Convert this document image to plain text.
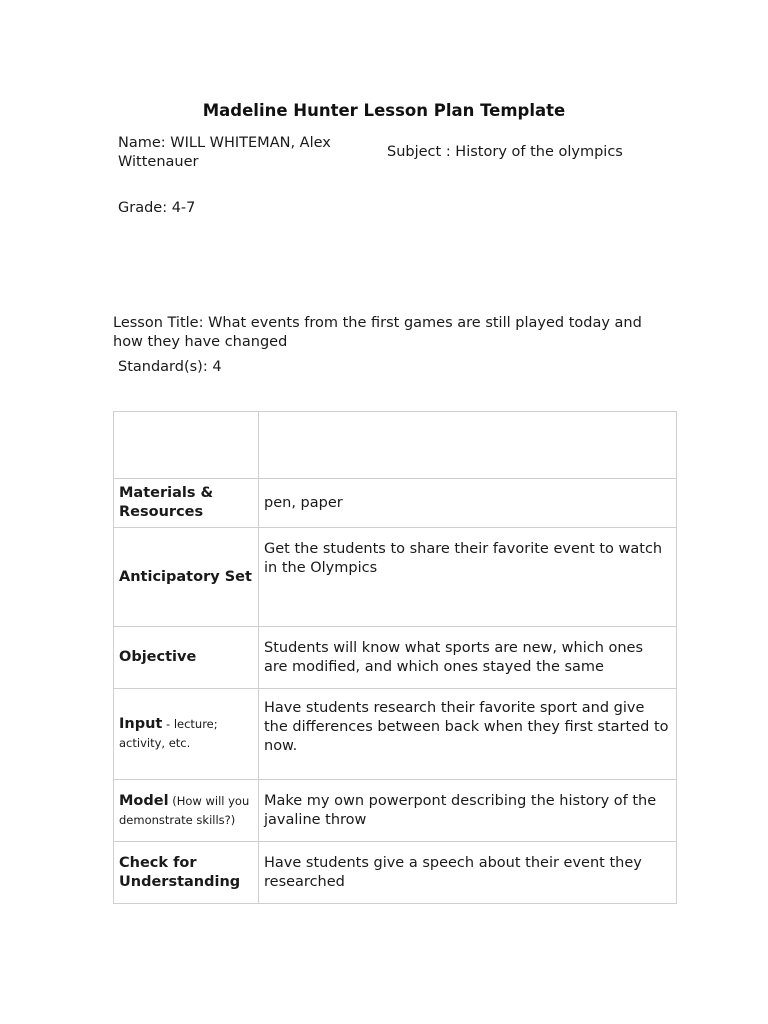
Madeline Hunter Lesson Plan Template
Name: WILL WHITEMAN, Alex Wittenauer
Subject : History of the olympics
Grade: 4-7
Lesson Title: What events from the first games are still played today and how they have changed
Standard(s): 4

Materials & Resources	pen, paper
Anticipatory Set	Get the students to share their favorite event to watch in the Olympics
Objective	Students will know what sports are new, which ones are modified, and which ones stayed the same
Input - lecture; activity, etc.	Have students research their favorite sport and give the differences between back when they first started to now.
Model (How will you demonstrate skills?)	Make my own powerpont describing the history of the javaline throw
Check for Understanding	Have students give a speech about their event they researched
